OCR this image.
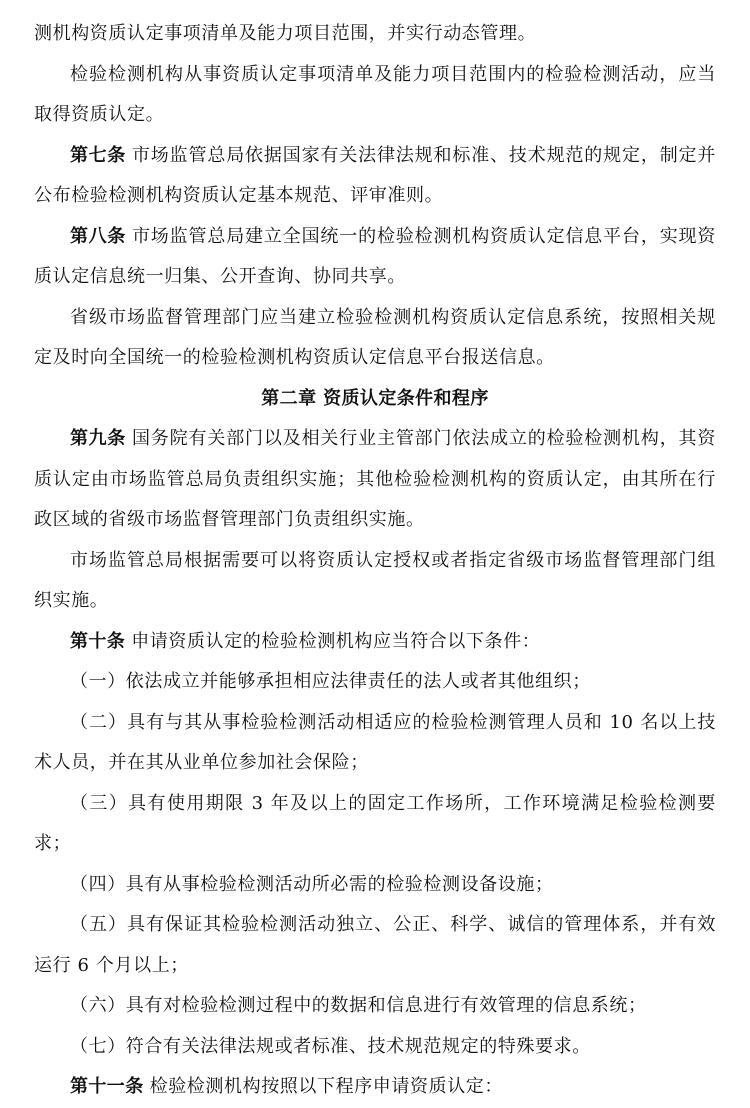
测机构资质认定事项清单及能力项目范围，并实行动态管理。

检验检测机构从事资质认定事项清单及能力项目范围内的检验检测活动，应当取得资质认定。

第七条 市场监管总局依据国家有关法律法规和标准、技术规范的规定，制定并公布检验检测机构资质认定基本规范、评审准则。

第八条 市场监管总局建立全国统一的检验检测机构资质认定信息平台，实现资质认定信息统一归集、公开查询、协同共享。

省级市场监督管理部门应当建立检验检测机构资质认定信息系统，按照相关规定及时向全国统一的检验检测机构资质认定信息平台报送信息。

第二章 资质认定条件和程序

第九条 国务院有关部门以及相关行业主管部门依法成立的检验检测机构，其资质认定由市场监管总局负责组织实施；其他检验检测机构的资质认定，由其所在行政区域的省级市场监督管理部门负责组织实施。

市场监管总局根据需要可以将资质认定授权或者指定省级市场监督管理部门组织实施。

第十条 申请资质认定的检验检测机构应当符合以下条件：

（一）依法成立并能够承担相应法律责任的法人或者其他组织；

（二）具有与其从事检验检测活动相适应的检验检测管理人员和 10 名以上技术人员，并在其从业单位参加社会保险；

（三）具有使用期限 3 年及以上的固定工作场所，工作环境满足检验检测要求；

（四）具有从事检验检测活动所必需的检验检测设备设施；

（五）具有保证其检验检测活动独立、公正、科学、诚信的管理体系，并有效运行 6 个月以上；

（六）具有对检验检测过程中的数据和信息进行有效管理的信息系统；

（七）符合有关法律法规或者标准、技术规范规定的特殊要求。

第十一条 检验检测机构按照以下程序申请资质认定：
